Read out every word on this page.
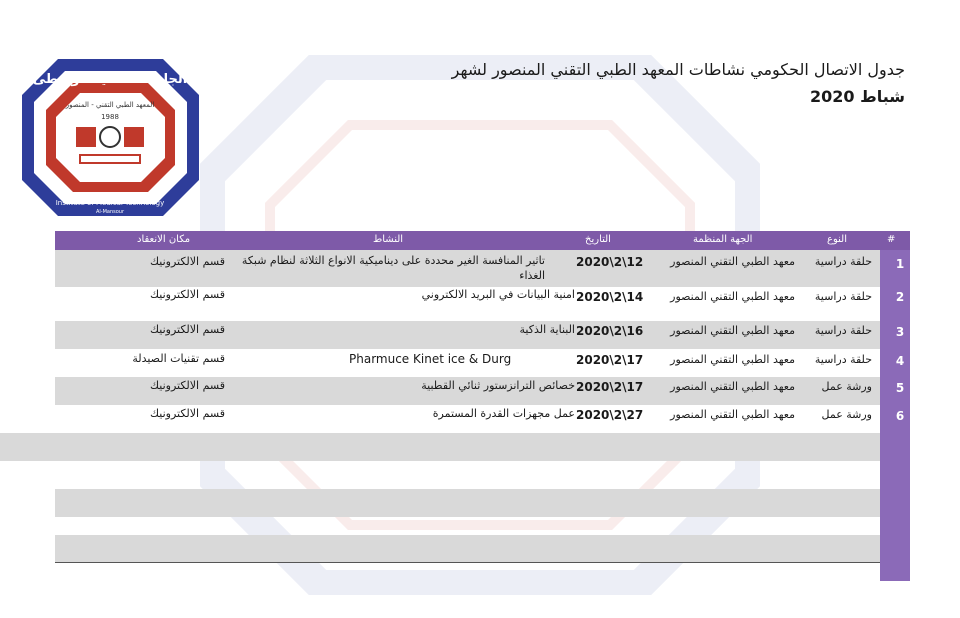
الجامعة التقنية الوسطى
المعهد الطبي التقني - المنصور
1988
Institute of Medical Technology
Al-Mansour
جدول الاتصال الحكومي نشاطات المعهد الطبي التقني المنصور لشهر
شباط 2020
#
النوع
الجهة المنظمة
التاريخ
النشاط
مكان الانعقاد
1
حلقة دراسية
معهد الطبي التقني المنصور
2020\2\12
تاثير المنافسة الغير محددة على ديناميكية الانواع الثلاثة لنظام شبكة الغذاء
قسم الالكترونيك
2
حلقة دراسية
معهد الطبي التقني المنصور
2020\2\14
امنية البيانات في البريد الالكتروني
قسم الالكترونيك
3
حلقة دراسية
معهد الطبي التقني المنصور
2020\2\16
البناية الذكية
قسم الالكترونيك
4
حلقة دراسية
معهد الطبي التقني المنصور
2020\2\17
Pharmuce Kinet ice & Durg
قسم تقنيات الصيدلة
5
ورشة عمل
معهد الطبي التقني المنصور
2020\2\17
خصائص الترانزستور ثنائي القطبية
قسم الالكترونيك
6
ورشة عمل
معهد الطبي التقني المنصور
2020\2\27
عمل مجهزات القدرة المستمرة
قسم الالكترونيك
